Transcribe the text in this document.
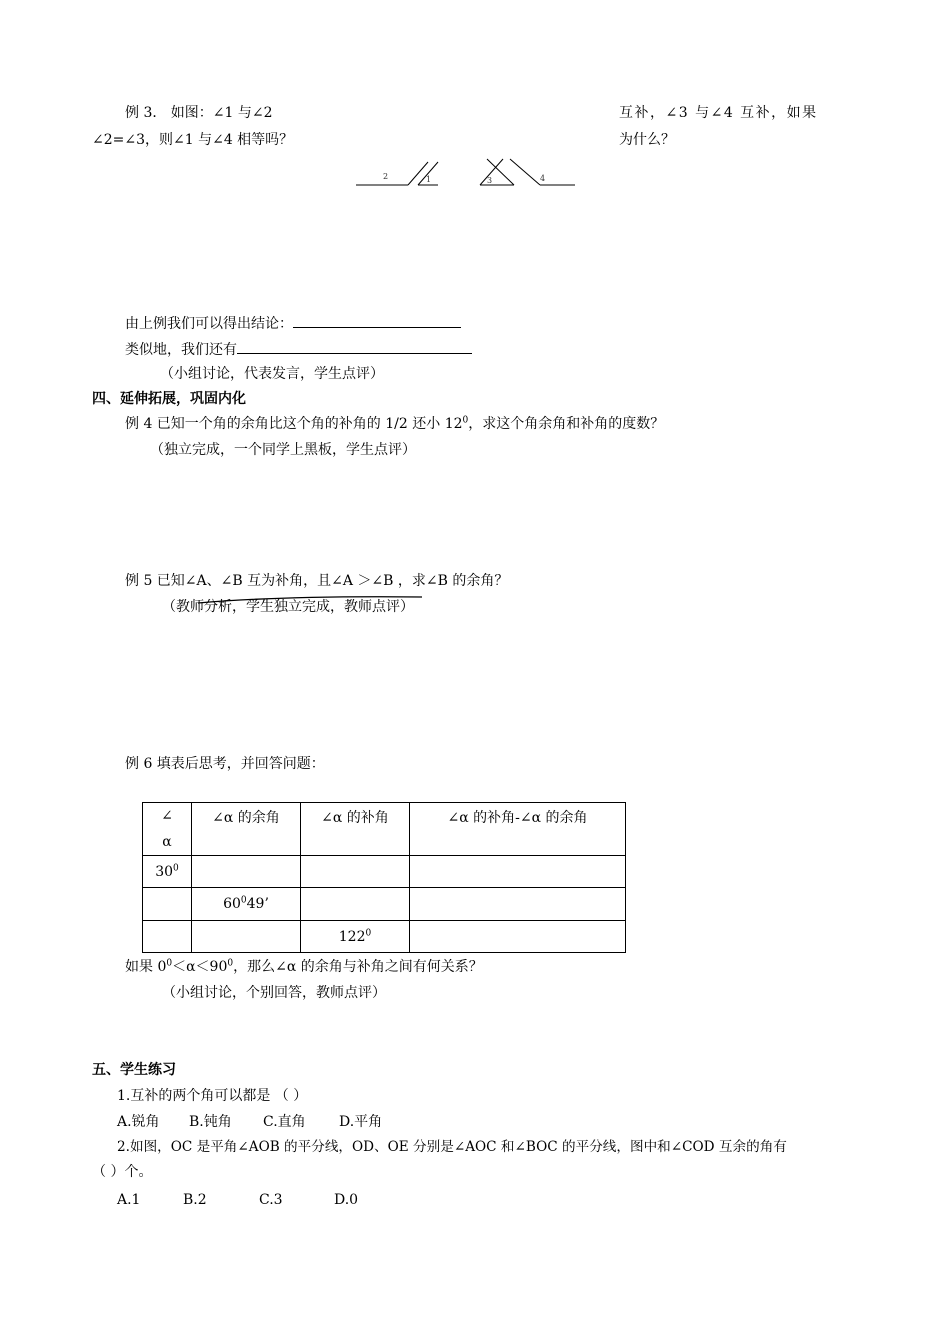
例 3． 如图：∠1 与∠2	互补，∠3 与∠4 互补，如果
∠2=∠3，则∠1 与∠4 相等吗？	为什么？
2	1	3	4
由上例我们可以得出结论：
类似地，我们还有
（小组讨论，代表发言，学生点评）
四、延伸拓展，巩固内化
例 4 已知一个角的余角比这个角的补角的 1/2 还小 $12^0$，求这个角余角和补角的度数？
（独立完成，一个同学上黑板，学生点评）
例 5 已知∠A、∠B 互为补角，且∠A ＞∠B ，求∠B 的余角？
（教师分析，学生独立完成，教师点评）
例 6 填表后思考，并回答问题：
∠
α	∠α 的余角	∠α 的补角	∠α 的补角-∠α 的余角
$30^0$			
	$60^049$’		
		$122^0$	
如果 $0^0<\alpha<90^0$，那么∠α 的余角与补角之间有何关系？
（小组讨论，个别回答，教师点评）
五、学生练习
1.互补的两个角可以都是 （ ）
A.锐角 B.钝角 C.直角 D.平角
2.如图，OC 是平角∠AOB 的平分线，OD、OE 分别是∠AOC 和∠BOC 的平分线，图中和∠COD 互余的角有
（ ）个。
A.1	B.2	C.3	D.0
